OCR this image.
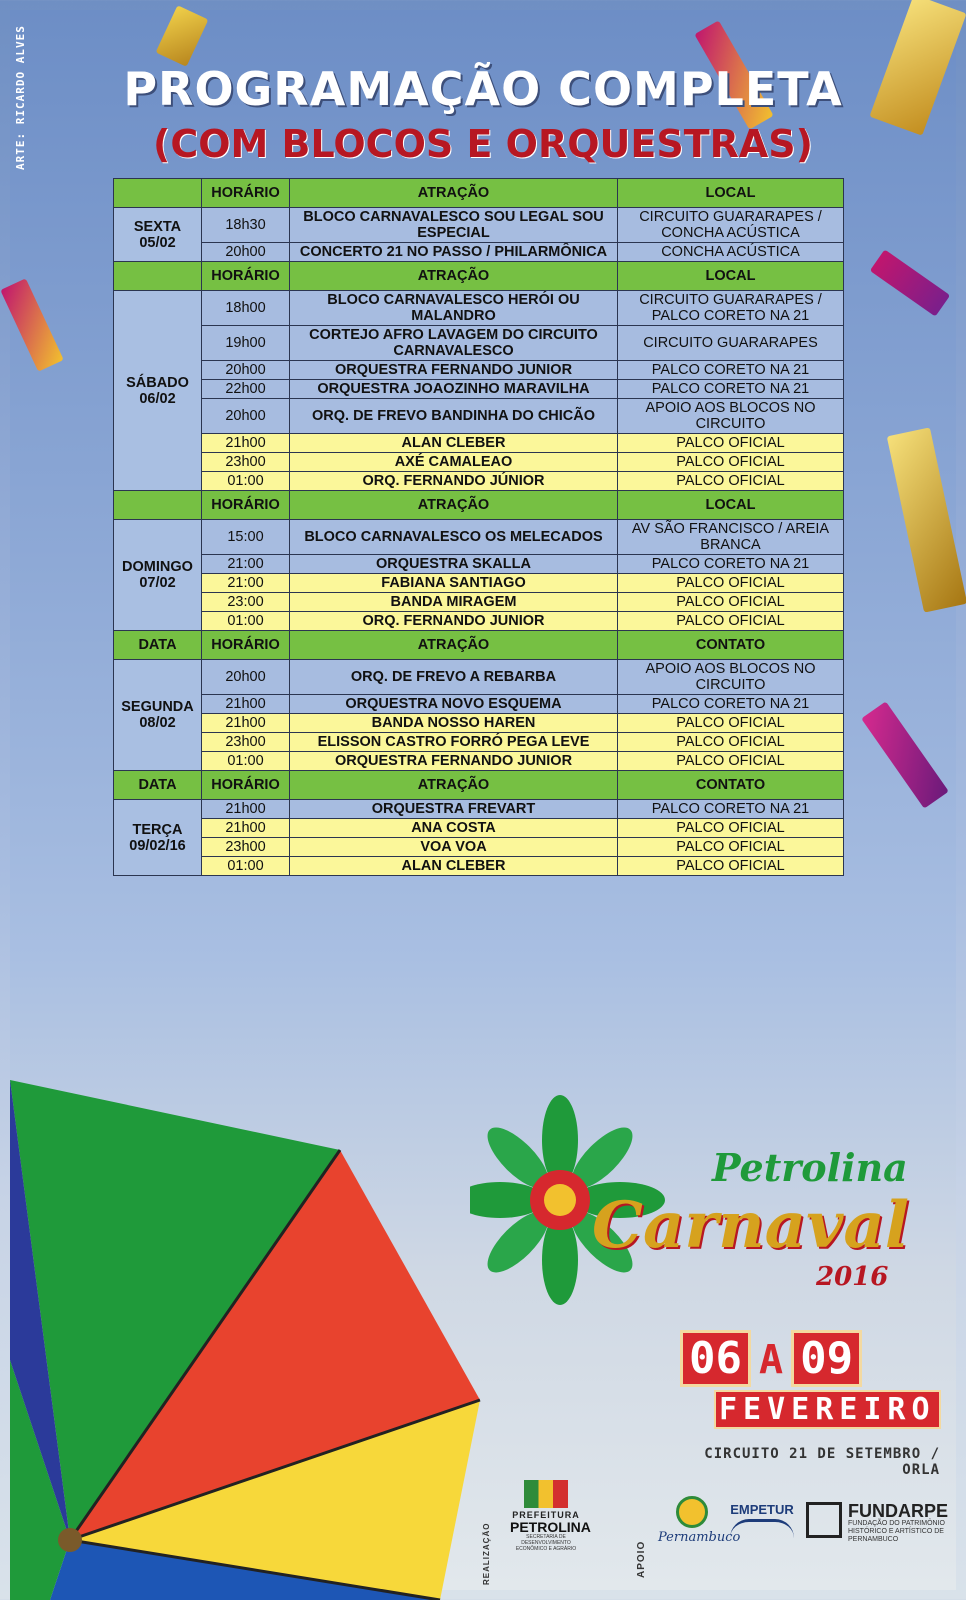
ARTE: RICARDO ALVES	PROGRAMAÇÃO COMPLETA
(COM BLOCOS E ORQUESTRAS)
	HORÁRIO	ATRAÇÃO	LOCAL
SEXTA 05/02	18h30	BLOCO CARNAVALESCO SOU LEGAL SOU ESPECIAL	CIRCUITO GUARARAPES / CONCHA ACÚSTICA
	20h00	CONCERTO 21 NO PASSO / PHILARMÔNICA	CONCHA ACÚSTICA
	HORÁRIO	ATRAÇÃO	LOCAL
SÁBADO 06/02	18h00	BLOCO CARNAVALESCO HERÓI OU MALANDRO	CIRCUITO GUARARAPES / PALCO CORETO NA 21
	19h00	CORTEJO AFRO LAVAGEM DO CIRCUITO CARNAVALESCO	CIRCUITO GUARARAPES
	20h00	ORQUESTRA FERNANDO JUNIOR	PALCO CORETO NA 21
	22h00	ORQUESTRA JOAOZINHO MARAVILHA	PALCO CORETO NA 21
	20h00	ORQ. DE FREVO BANDINHA DO CHICÃO	APOIO AOS BLOCOS NO CIRCUITO
	21h00	ALAN CLEBER	PALCO OFICIAL
	23h00	AXÉ CAMALEAO	PALCO OFICIAL
	01:00	ORQ. FERNANDO JÚNIOR	PALCO OFICIAL
	HORÁRIO	ATRAÇÃO	LOCAL
DOMINGO 07/02	15:00	BLOCO CARNAVALESCO OS MELECADOS	AV SÃO FRANCISCO / AREIA BRANCA
	21:00	ORQUESTRA SKALLA	PALCO CORETO NA 21
	21:00	FABIANA SANTIAGO	PALCO OFICIAL
	23:00	BANDA MIRAGEM	PALCO OFICIAL
	01:00	ORQ. FERNANDO JUNIOR	PALCO OFICIAL
DATA	HORÁRIO	ATRAÇÃO	CONTATO
SEGUNDA 08/02	20h00	ORQ. DE FREVO A REBARBA	APOIO AOS BLOCOS NO CIRCUITO
	21h00	ORQUESTRA NOVO ESQUEMA	PALCO CORETO NA 21
	21h00	BANDA NOSSO HAREN	PALCO OFICIAL
	23h00	ELISSON CASTRO FORRÓ PEGA LEVE	PALCO OFICIAL
	01:00	ORQUESTRA FERNANDO JUNIOR	PALCO OFICIAL
DATA	HORÁRIO	ATRAÇÃO	CONTATO
TERÇA 09/02/16	21h00	ORQUESTRA FREVART	PALCO CORETO NA 21
	21h00	ANA COSTA	PALCO OFICIAL
	23h00	VOA VOA	PALCO OFICIAL
	01:00	ALAN CLEBER	PALCO OFICIAL
Petrolina
Carnaval
2016
06 A 09
FEVEREIRO
CIRCUITO 21 DE SETEMBRO / ORLA
REALIZAÇÃO
PREFEITURA
PETROLINA
SECRETARIA DE DESENVOLVIMENTO ECONÔMICO E AGRÁRIO	APOIO
Pernambuco
EMPETUR	FUNDARPE
FUNDAÇÃO DO PATRIMÔNIO HISTÓRICO E ARTÍSTICO DE PERNAMBUCO
